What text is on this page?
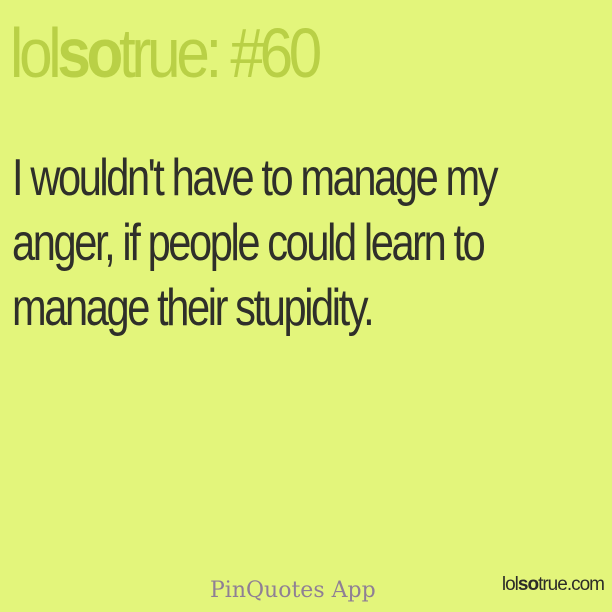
lolsotrue: #60
I wouldn't have to manage my
anger, if people could learn to
manage their stupidity.
PinQuotes App	lolsotrue.com
